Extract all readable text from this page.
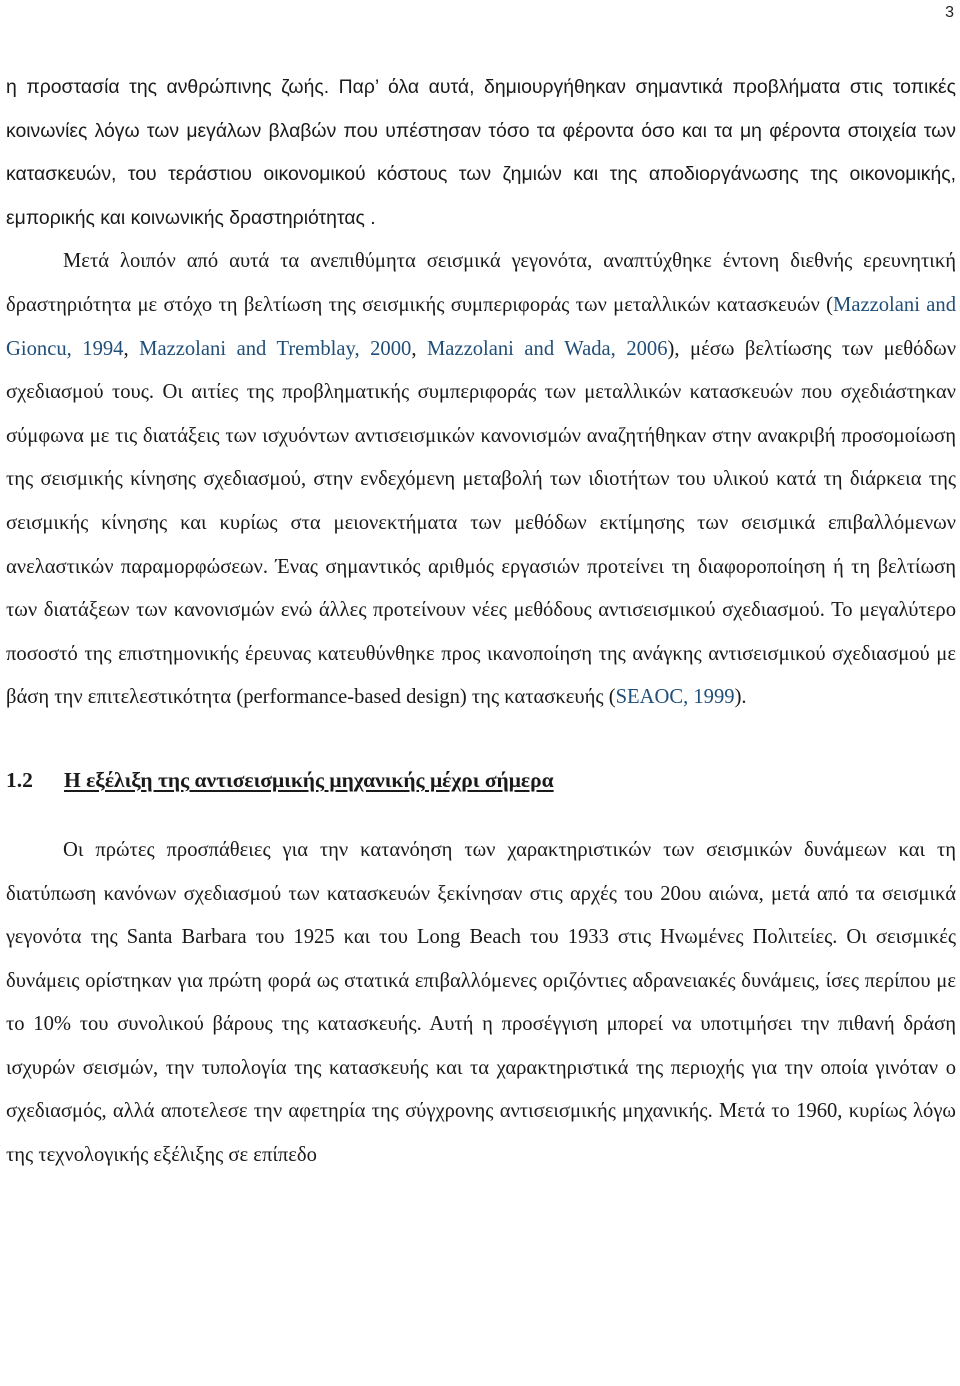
3

η προστασία της ανθρώπινης ζωής. Παρ’ όλα αυτά, δημιουργήθηκαν σημαντικά προβλήματα στις τοπικές κοινωνίες λόγω των μεγάλων βλαβών που υπέστησαν τόσο τα φέροντα όσο και τα μη φέροντα στοιχεία των κατασκευών, του τεράστιου οικονομικού κόστους των ζημιών και της αποδιοργάνωσης της οικονομικής, εμπορικής και κοινωνικής δραστηριότητας .

Μετά λοιπόν από αυτά τα ανεπιθύμητα σεισμικά γεγονότα, αναπτύχθηκε έντονη διεθνής ερευνητική δραστηριότητα με στόχο τη βελτίωση της σεισμικής συμπεριφοράς των μεταλλικών κατασκευών (Mazzolani and Gioncu, 1994, Mazzolani and Tremblay, 2000, Mazzolani and Wada, 2006), μέσω βελτίωσης των μεθόδων σχεδιασμού τους. Οι αιτίες της προβληματικής συμπεριφοράς των μεταλλικών κατασκευών που σχεδιάστηκαν σύμφωνα με τις διατάξεις των ισχυόντων αντισεισμικών κανονισμών αναζητήθηκαν στην ανακριβή προσομοίωση της σεισμικής κίνησης σχεδιασμού, στην ενδεχόμενη μεταβολή των ιδιοτήτων του υλικού κατά τη διάρκεια της σεισμικής κίνησης και κυρίως στα μειονεκτήματα των μεθόδων εκτίμησης των σεισμικά επιβαλλόμενων ανελαστικών παραμορφώσεων. Ένας σημαντικός αριθμός εργασιών προτείνει τη διαφοροποίηση ή τη βελτίωση των διατάξεων των κανονισμών ενώ άλλες προτείνουν νέες μεθόδους αντισεισμικού σχεδιασμού. Το μεγαλύτερο ποσοστό της επιστημονικής έρευνας κατευθύνθηκε προς ικανοποίηση της ανάγκης αντισεισμικού σχεδιασμού με βάση την επιτελεστικότητα (performance-based design) της κατασκευής (SEAOC, 1999).

1.2 Η εξέλιξη της αντισεισμικής μηχανικής μέχρι σήμερα

Οι πρώτες προσπάθειες για την κατανόηση των χαρακτηριστικών των σεισμικών δυνάμεων και τη διατύπωση κανόνων σχεδιασμού των κατασκευών ξεκίνησαν στις αρχές του 20ου αιώνα, μετά από τα σεισμικά γεγονότα της Santa Barbara του 1925 και του Long Beach του 1933 στις Ηνωμένες Πολιτείες. Οι σεισμικές δυνάμεις ορίστηκαν για πρώτη φορά ως στατικά επιβαλλόμενες οριζόντιες αδρανειακές δυνάμεις, ίσες περίπου με το 10% του συνολικού βάρους της κατασκευής. Αυτή η προσέγγιση μπορεί να υποτιμήσει την πιθανή δράση ισχυρών σεισμών, την τυπολογία της κατασκευής και τα χαρακτηριστικά της περιοχής για την οποία γινόταν ο σχεδιασμός, αλλά αποτελεσε την αφετηρία της σύγχρονης αντισεισμικής μηχανικής. Μετά το 1960, κυρίως λόγω της τεχνολογικής εξέλιξης σε επίπεδο
